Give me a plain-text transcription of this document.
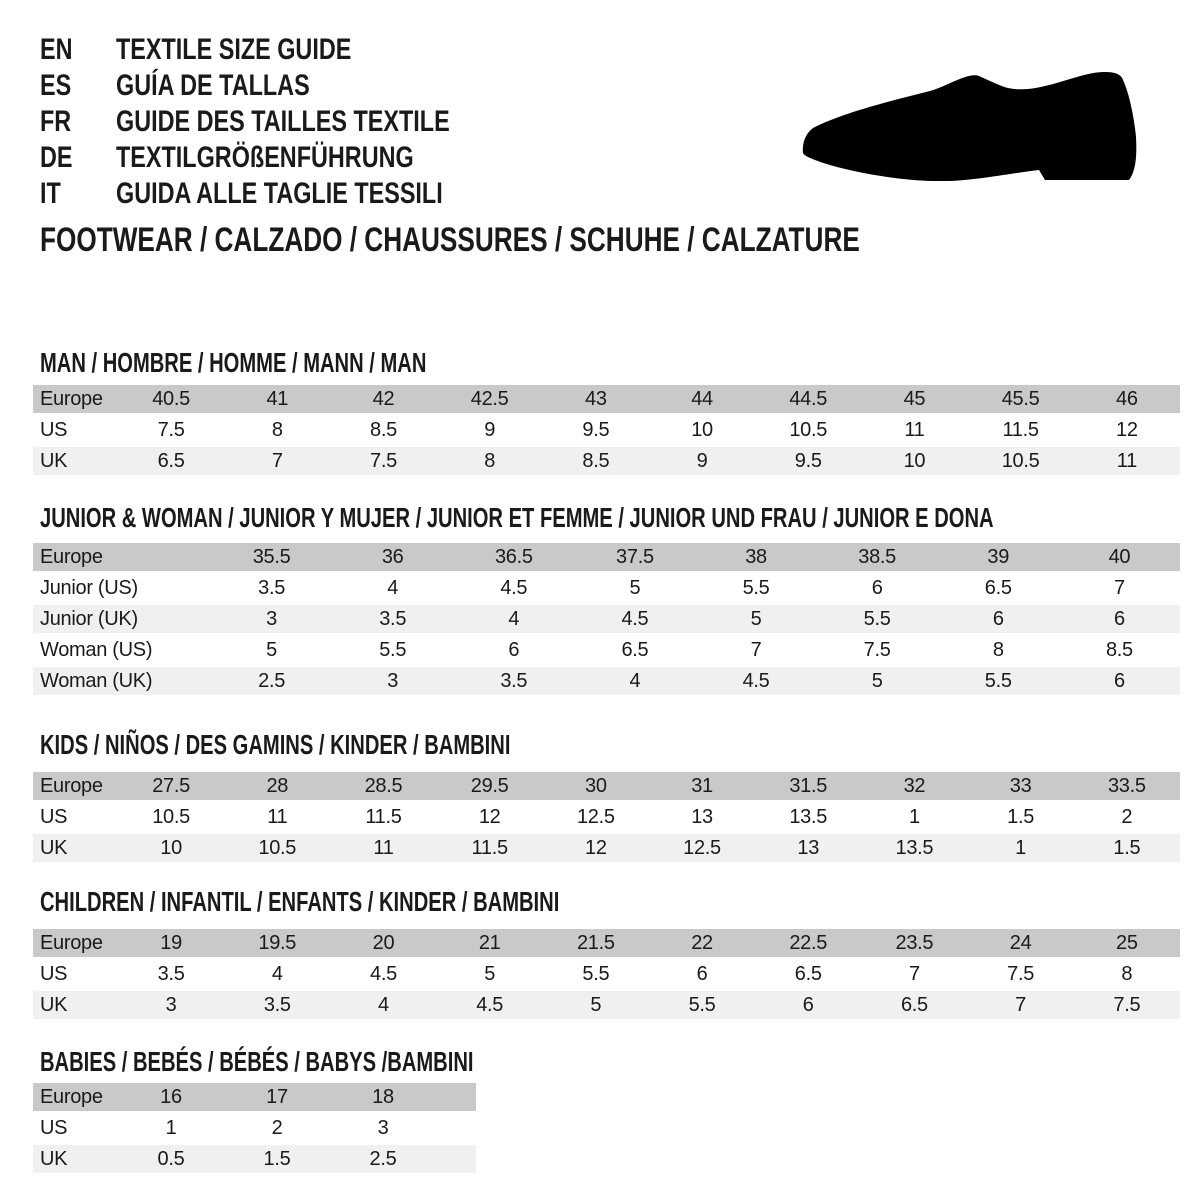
EN TEXTILE SIZE GUIDE
ES GUÍA DE TALLAS
FR GUIDE DES TAILLES TEXTILE
DE TEXTILGRÖßENFÜHRUNG
IT GUIDA ALLE TAGLIE TESSILI
FOOTWEAR / CALZADO / CHAUSSURES / SCHUHE / CALZATURE
MAN / HOMBRE / HOMME / MANN / MAN
JUNIOR & WOMAN / JUNIOR Y MUJER / JUNIOR ET FEMME / JUNIOR UND FRAU / JUNIOR E DONA
KIDS / NIÑOS / DES GAMINS / KINDER / BAMBINI
CHILDREN / INFANTIL / ENFANTS / KINDER / BAMBINI
BABIES / BEBÉS / BÉBÉS / BABYS /BAMBINI
Europe	40.5	41	42	42.5	43	44	44.5	45	45.5	46
US	7.5	8	8.5	9	9.5	10	10.5	11	11.5	12
UK	6.5	7	7.5	8	8.5	9	9.5	10	10.5	11
Europe	35.5	36	36.5	37.5	38	38.5	39	40
Junior (US)	3.5	4	4.5	5	5.5	6	6.5	7
Junior (UK)	3	3.5	4	4.5	5	5.5	6	6
Woman (US)	5	5.5	6	6.5	7	7.5	8	8.5
Woman (UK)	2.5	3	3.5	4	4.5	5	5.5	6
Europe	27.5	28	28.5	29.5	30	31	31.5	32	33	33.5
US	10.5	11	11.5	12	12.5	13	13.5	1	1.5	2
UK	10	10.5	11	11.5	12	12.5	13	13.5	1	1.5
Europe	19	19.5	20	21	21.5	22	22.5	23.5	24	25
US	3.5	4	4.5	5	5.5	6	6.5	7	7.5	8
UK	3	3.5	4	4.5	5	5.5	6	6.5	7	7.5
Europe	16	17	18	
US	1	2	3	
UK	0.5	1.5	2.5	
